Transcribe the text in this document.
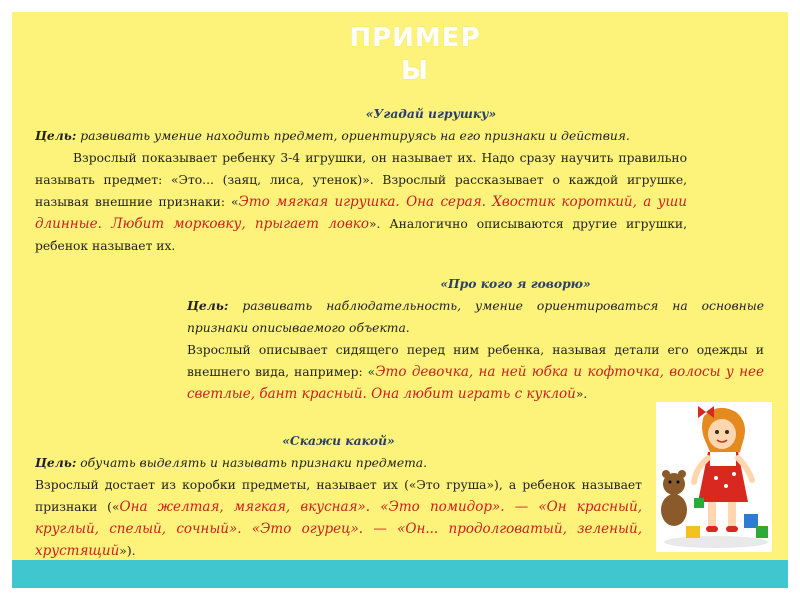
ПРИМЕР Ы
«Угадай игрушку»

Цель: развивать умение находить предмет, ориентируясь на его признаки и действия.

Взрослый показывает ребенку 3-4 игрушки, он называет их. Надо сразу научить правильно называть предмет: «Это... (заяц, лиса, утенок)». Взрослый рассказывает о каждой игрушке, называя внешние признаки: «Это мягкая игрушка. Она серая. Хвостик короткий, а уши длинные. Любит морковку, прыгает ловко». Аналогично описываются другие игрушки, ребенок называет их.

«Про кого я говорю»

Цель: развивать наблюдательность, умение ориентироваться на основные признаки описываемого объекта.

Взрослый описывает сидящего перед ним ребенка, называя детали его одежды и внешнего вида, например: «Это девочка, на ней юбка и кофточка, волосы у нее светлые, бант красный. Она любит играть с куклой».

«Скажи какой»

Цель: обучать выделять и называть признаки предмета.

Взрослый достает из коробки предметы, называет их («Это груша»), а ребенок называет признаки («Она желтая, мягкая, вкусная». «Это помидор». — «Он красный, круглый, спелый, сочный». «Это огурец». — «Он... продолговатый, зеленый, хрустящий»).
